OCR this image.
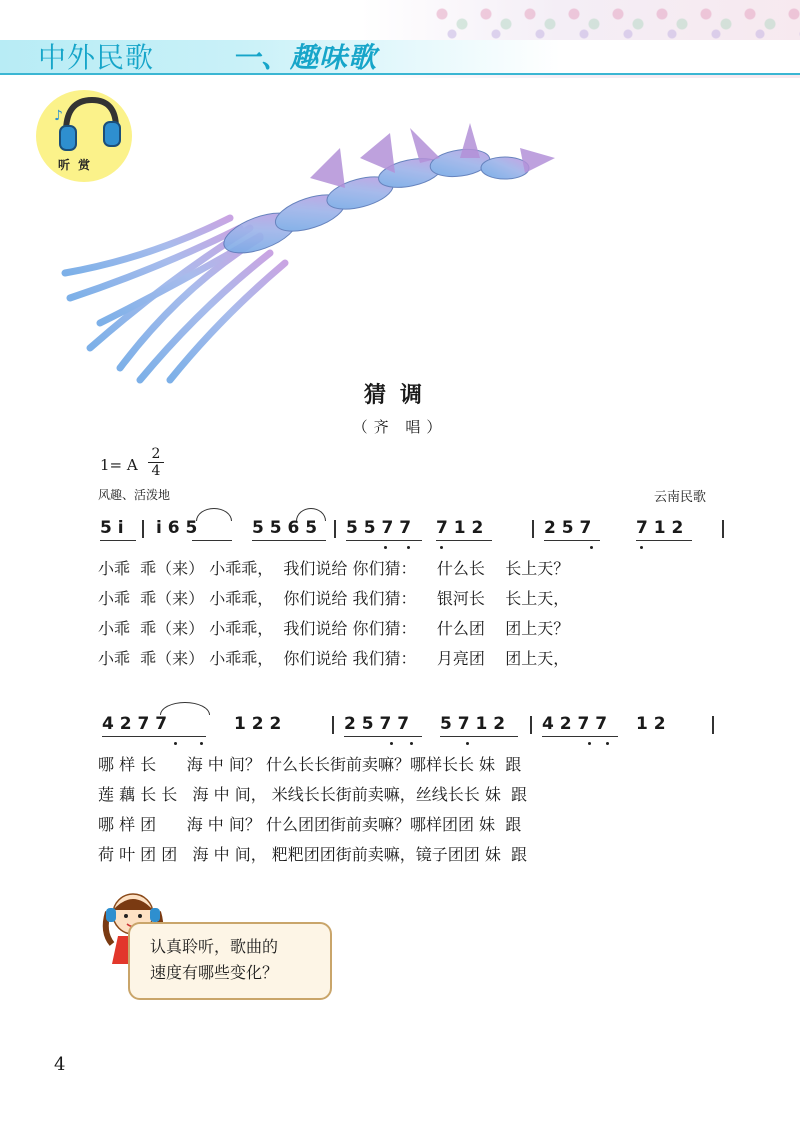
中外民歌	一、趣味歌
♪
听赏
猜调
（齐 唱）
1= A
2
4
风趣、活泼地	云南民歌
5 i i 6 5	5 5 6 5 5 5 7 7 7 1 2	2 5 7	7 1 2
小乖  乖（来） 小乖乖，  我们说给 你们猜：    什么长    长上天？
小乖  乖（来） 小乖乖，  你们说给 我们猜：    银河长    长上天，
小乖  乖（来） 小乖乖，  我们说给 你们猜：    什么团    团上天？
小乖  乖（来） 小乖乖，  你们说给 我们猜：    月亮团    团上天，
4 2 7 7	1 2 2	2 5 7 7 5 7 1 2 4 2 7 7 1 2
哪 样 长      海 中 间？ 什么长长街前卖嘛？哪样长长 妹  跟
莲 藕 长 长   海 中 间， 米线长长街前卖嘛，丝线长长 妹  跟
哪 样 团      海 中 间？ 什么团团街前卖嘛？哪样团团 妹  跟
荷 叶 团 团   海 中 间， 粑粑团团街前卖嘛，镜子团团 妹  跟
认真聆听，歌曲的
速度有哪些变化？
4
